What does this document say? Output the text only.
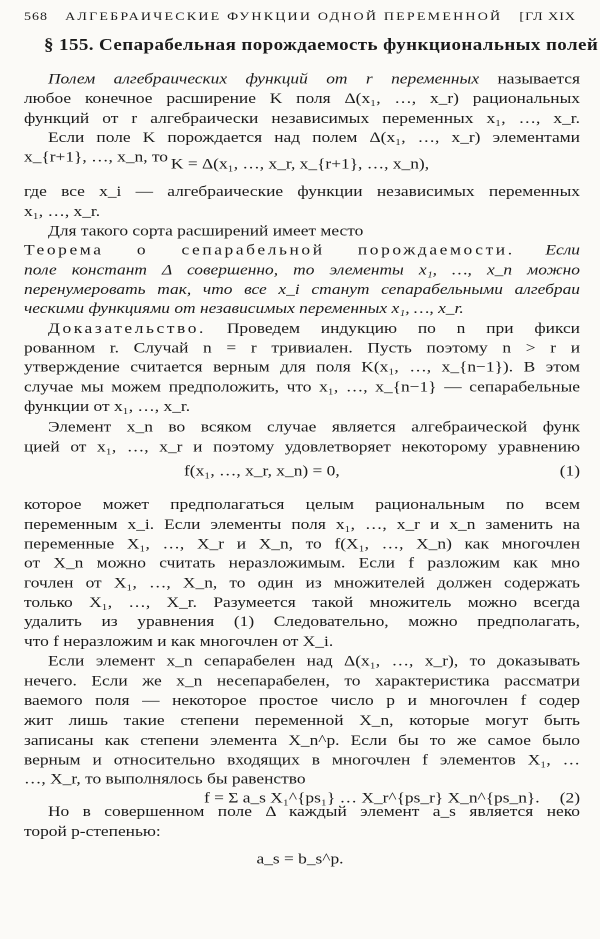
568 АЛГЕБРАИЧЕСКИЕ ФУНКЦИИ ОДНОЙ ПЕРЕМЕННОЙ [ГЛ XIX
§ 155. Сепарабельная порождаемость функциональных полей
Полем алгебраических функций от r переменных называется
любое конечное расширение K поля Δ(x₁, …, x_r) рациональных
функций от r алгебраически независимых переменных x₁, …, x_r.
Если поле K порождается над полем Δ(x₁, …, x_r) элементами
x_{r+1}, …, x_n, то K = Δ(x₁, …, x_r, x_{r+1}, …, x_n),
где все x_i — алгебраические функции независимых переменных
x₁, …, x_r.
Для такого сорта расширений имеет место
Теорема о сепарабельной порождаемости. Если
поле констант Δ совершенно, то элементы x₁, …, x_n можно
перенумеровать так, что все x_i станут сепарабельными алгебраи
ческими функциями от независимых переменных x₁, …, x_r.
Доказательство. Проведем индукцию по n при фикси
рованном r. Случай n = r тривиален. Пусть поэтому n > r и
утверждение считается верным для поля K(x₁, …, x_{n−1}). В этом
случае мы можем предположить, что x₁, …, x_{n−1} — сепарабельные
функции от x₁, …, x_r.
Элемент x_n во всяком случае является алгебраической функ
цией от x₁, …, x_r и поэтому удовлетворяет некоторому уравнению
f(x₁, …, x_r, x_n) = 0,	(1)
которое может предполагаться целым рациональным по всем
переменным x_i. Если элементы поля x₁, …, x_r и x_n заменить на
переменные X₁, …, X_r и X_n, то f(X₁, …, X_n) как многочлен
от X_n можно считать неразложимым. Если f разложим как мно
гочлен от X₁, …, X_n, то один из множителей должен содержать
только X₁, …, X_r. Разумеется такой множитель можно всегда
удалить из уравнения (1) Следовательно, можно предполагать,
что f неразложим и как многочлен от X_i.
Если элемент x_n сепарабелен над Δ(x₁, …, x_r), то доказывать
нечего. Если же x_n несепарабелен, то характеристика рассматри
ваемого поля — некоторое простое число p и многочлен f содер
жит лишь такие степени переменной X_n, которые могут быть
записаны как степени элемента X_n^p. Если бы то же самое было
верным и относительно входящих в многочлен f элементов X₁, …
…, X_r, то выполнялось бы равенство
f = Σ a_s X₁^{ps₁} … X_r^{ps_r} X_n^{ps_n}. (2)
Но в совершенном поле Δ каждый элемент a_s является неко
торой p-степенью:
a_s = b_s^p.
